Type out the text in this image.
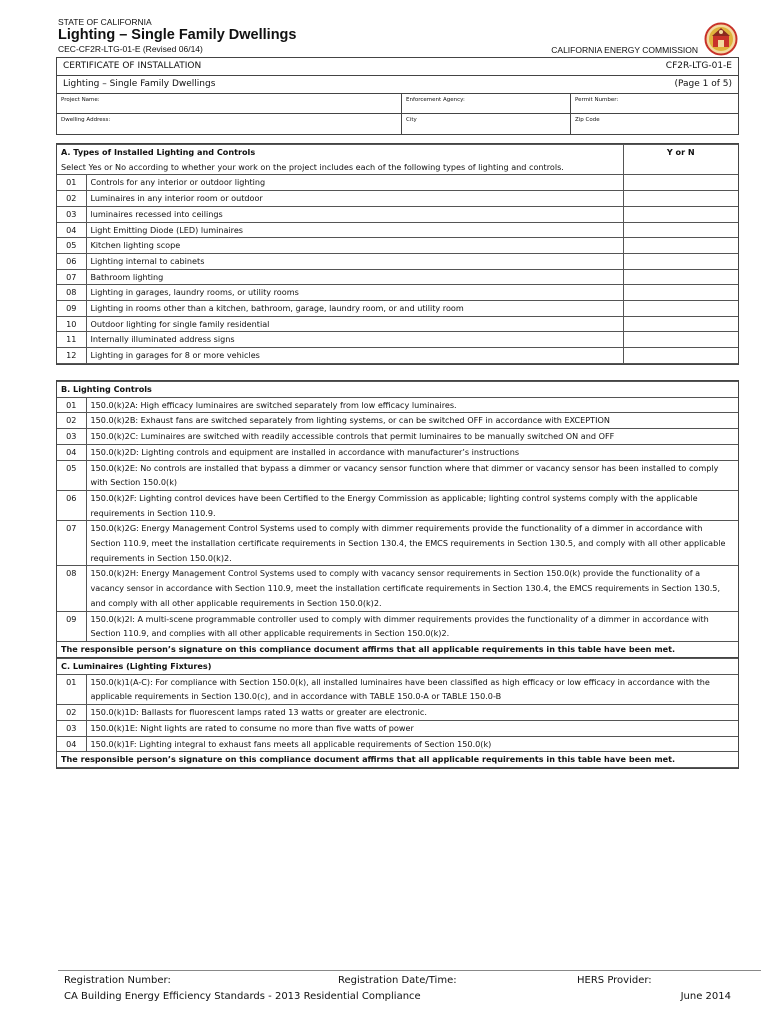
STATE OF CALIFORNIA
Lighting – Single Family Dwellings
CEC-CF2R-LTG-01-E (Revised 06/14)	CALIFORNIA ENERGY COMMISSION
CERTIFICATE OF INSTALLATION	CF2R-LTG-01-E
Lighting – Single Family Dwellings	(Page 1 of 5)
Project Name:	Enforcement Agency:	Permit Number:
Dwelling Address:	City	Zip Code
A. Types of Installed Lighting and Controls
Select Yes or No according to whether your work on the project includes each of the following types of lighting and controls.		Y or N
01	Controls for any interior or outdoor lighting	
02	Luminaires in any interior room or outdoor	
03	luminaires recessed into ceilings	
04	Light Emitting Diode (LED) luminaires	
05	Kitchen lighting scope	
06	Lighting internal to cabinets	
07	Bathroom lighting	
08	Lighting in garages, laundry rooms, or utility rooms	
09	Lighting in rooms other than a kitchen, bathroom, garage, laundry room, or and utility room	
10	Outdoor lighting for single family residential	
11	Internally illuminated address signs	
12	Lighting in garages for 8 or more vehicles	
B. Lighting Controls	
01	150.0(k)2A: High efficacy luminaires are switched separately from low efficacy luminaires.
02	150.0(k)2B: Exhaust fans are switched separately from lighting systems, or can be switched OFF in accordance with EXCEPTION
03	150.0(k)2C: Luminaires are switched with readily accessible controls that permit luminaires to be manually switched ON and OFF
04	150.0(k)2D: Lighting controls and equipment are installed in accordance with manufacturer’s instructions
05	150.0(k)2E: No controls are installed that bypass a dimmer or vacancy sensor function where that dimmer or vacancy sensor has been installed to comply with Section 150.0(k)
06	150.0(k)2F: Lighting control devices have been Certified to the Energy Commission as applicable; lighting control systems comply with the applicable requirements in Section 110.9.
07	150.0(k)2G: Energy Management Control Systems used to comply with dimmer requirements provide the functionality of a dimmer in accordance with Section 110.9, meet the installation certificate requirements in Section 130.4, the EMCS requirements in Section 130.5, and comply with all other applicable requirements in Section 150.0(k)2.
08	150.0(k)2H: Energy Management Control Systems used to comply with vacancy sensor requirements in Section 150.0(k) provide the functionality of a vacancy sensor in accordance with Section 110.9, meet the installation certificate requirements in Section 130.4, the EMCS requirements in Section 130.5, and comply with all other applicable requirements in Section 150.0(k)2.
09	150.0(k)2I: A multi-scene programmable controller used to comply with dimmer requirements provides the functionality of a dimmer in accordance with Section 110.9, and complies with all other applicable requirements in Section 150.0(k)2.
The responsible person’s signature on this compliance document affirms that all applicable requirements in this table have been met.	
C. Luminaires (Lighting Fixtures)	
01	150.0(k)1(A-C): For compliance with Section 150.0(k), all installed luminaires have been classified as high efficacy or low efficacy in accordance with the applicable requirements in Section 130.0(c), and in accordance with TABLE 150.0-A or TABLE 150.0-B
02	150.0(k)1D: Ballasts for fluorescent lamps rated 13 watts or greater are electronic.
03	150.0(k)1E: Night lights are rated to consume no more than five watts of power
04	150.0(k)1F: Lighting integral to exhaust fans meets all applicable requirements of Section 150.0(k)
The responsible person’s signature on this compliance document affirms that all applicable requirements in this table have been met.	
Registration Number:	Registration Date/Time:	HERS Provider:
CA Building Energy Efficiency Standards - 2013 Residential Compliance	June 2014
